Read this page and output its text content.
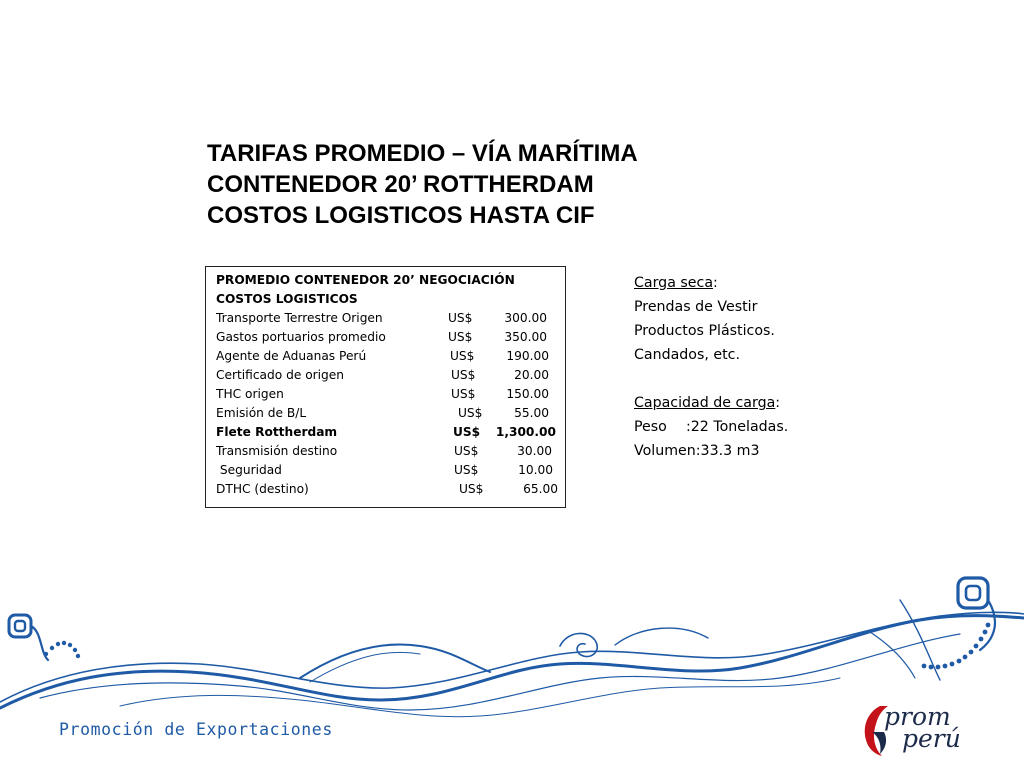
TARIFAS PROMEDIO – VÍA MARÍTIMA
CONTENEDOR 20’ ROTTHERDAM
COSTOS LOGISTICOS HASTA CIF
PROMEDIO CONTENEDOR 20’ NEGOCIACIÓN
COSTOS LOGISTICOS
Transporte Terrestre Origen	US$	300.00
Gastos portuarios promedio	US$	350.00
Agente de Aduanas Perú	US$	190.00
Certificado de origen	US$	20.00
THC origen	US$	150.00
Emisión de B/L	US$	55.00
Flete Rottherdam	US$	1,300.00
Transmisión destino	US$	30.00
Seguridad	US$	10.00
DTHC (destino)	US$	65.00
Carga seca:
Prendas de Vestir
Productos Plásticos.
Candados, etc.

Capacidad de carga:
Peso :22 Toneladas.
Volumen:33.3 m3
Promoción de Exportaciones	prom
perú
